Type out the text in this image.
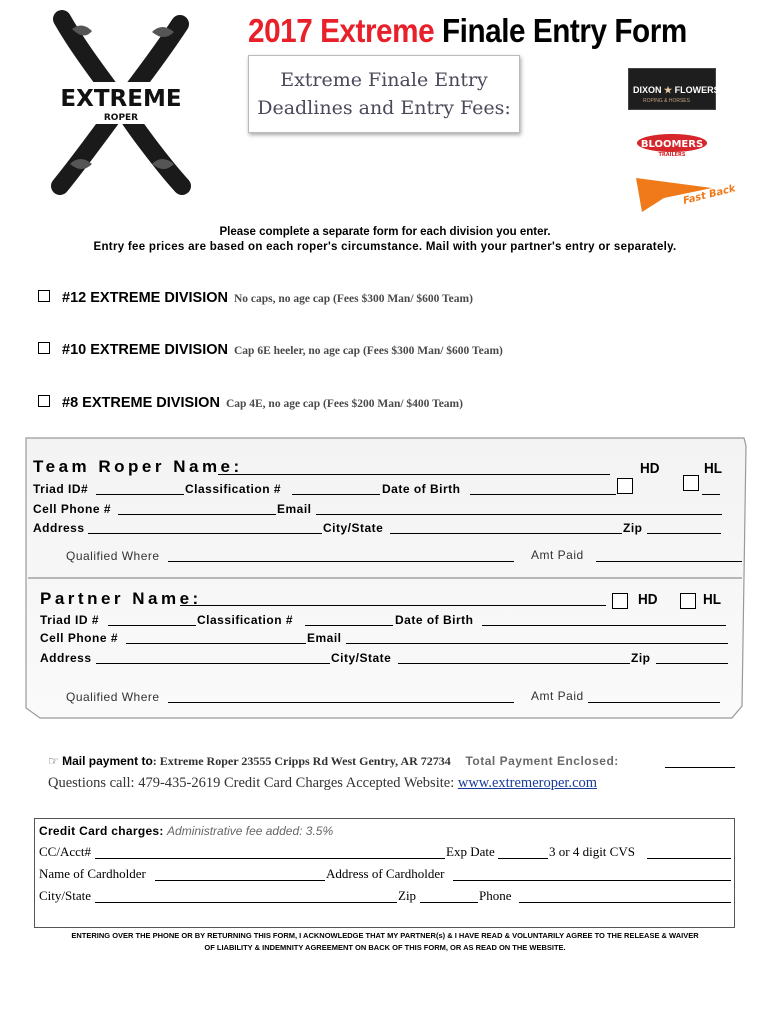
EXTREME
ROPER
2017 Extreme Finale Entry Form
Extreme Finale Entry
Deadlines and Entry Fees:
DIXON ★ FLOWERS
ROPING & HORSES
BLOOMERS
TRAILERS
Fast Back
Please complete a separate form for each division you enter.
Entry fee prices are based on each roper's circumstance. Mail with your partner's entry or separately.
#12 EXTREME DIVISION No caps, no age cap (Fees $300 Man/ $600 Team)
#10 EXTREME DIVISION Cap 6E heeler, no age cap (Fees $300 Man/ $600 Team)
#8 EXTREME DIVISION Cap 4E, no age cap (Fees $200 Man/ $400 Team)
Team Roper Name:	HD	HL
Triad ID#	Classification #	Date of Birth
Cell Phone #	Email
Address	City/State	Zip
Qualified Where	Amt Paid
Partner Name:	HD	HL
Triad ID #	Classification #	Date of Birth
Cell Phone #	Email
Address	City/State	Zip
Qualified Where	Amt Paid
☞ Mail payment to: Extreme Roper 23555 Cripps Rd West Gentry, AR 72734 Total Payment Enclosed:
Questions call: 479-435-2619 Credit Card Charges Accepted Website: www.extremeroper.com
Credit Card charges: Administrative fee added: 3.5%
CC/Acct#	Exp Date	3 or 4 digit CVS
Name of Cardholder	Address of Cardholder
City/State	Zip	Phone
ENTERING OVER THE PHONE OR BY RETURNING THIS FORM, I ACKNOWLEDGE THAT MY PARTNER(s) & I HAVE READ & VOLUNTARILY AGREE TO THE RELEASE & WAIVER
OF LIABILITY & INDEMNITY AGREEMENT ON BACK OF THIS FORM, OR AS READ ON THE WEBSITE.
